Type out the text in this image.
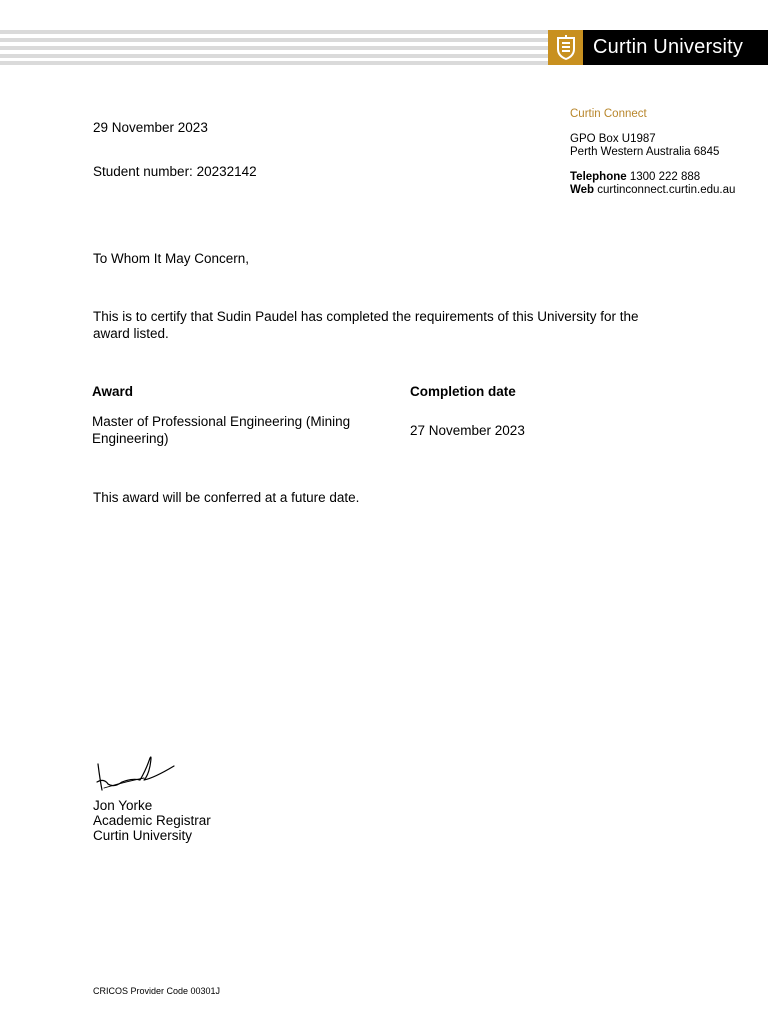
Curtin University
Curtin Connect
GPO Box U1987
Perth Western Australia 6845
Telephone 1300 222 888
Web curtinconnect.curtin.edu.au
29 November 2023
Student number: 20232142
To Whom It May Concern,
This is to certify that Sudin Paudel has completed the requirements of this University for the award listed.
Award	Completion date
Master of Professional Engineering (Mining Engineering)
27 November 2023
This award will be conferred at a future date.
Jon Yorke
Academic Registrar
Curtin University
CRICOS Provider Code 00301J
